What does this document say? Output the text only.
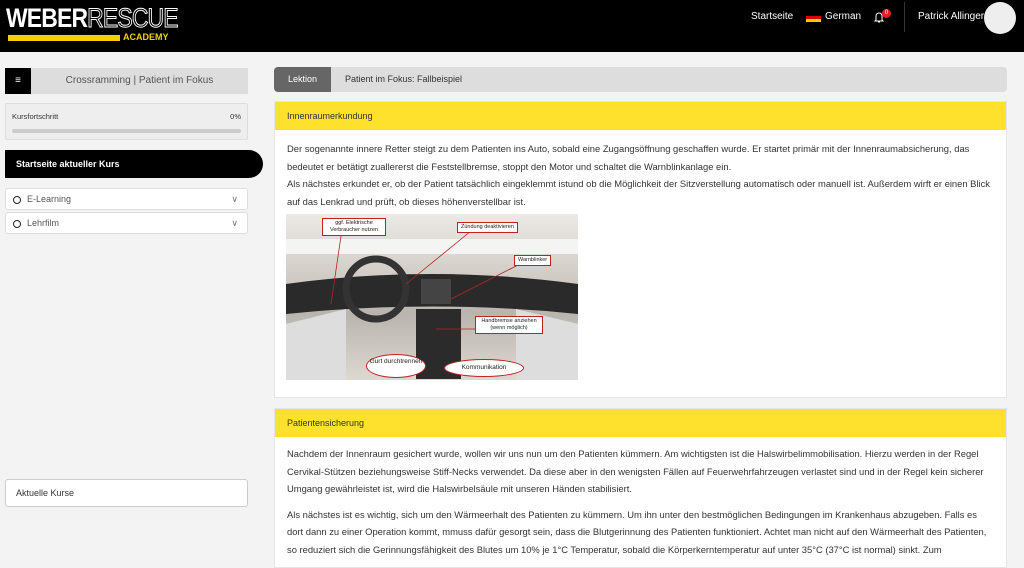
WEBERRESCUE
ACADEMY
Startseite	German	0	Patrick Allinger
≡	Crossramming | Patient im Fokus
Kursfortschritt	0%
Startseite aktueller Kurs
E-Learning	∨
Lehrfilm	∨
Aktuelle Kurse
Lektion	Patient im Fokus: Fallbeispiel
Innenraumerkundung

Der sogenannte innere Retter steigt zu dem Patienten ins Auto, sobald eine Zugangsöffnung geschaffen wurde. Er startet primär mit der Innenraumabsicherung, das bedeutet er betätigt zuallererst die Feststellbremse, stoppt den Motor und schaltet die Warnblinkanlage ein.

Als nächstes erkundet er, ob der Patient tatsächlich eingeklemmt istund ob die Möglichkeit der Sitzverstellung automatisch oder manuell ist. Außerdem wirft er einen Blick auf das Lenkrad und prüft, ob dieses höhenverstellbar ist.

ggf. Elektrische Verbraucher nutzen	Zündung deaktivieren
Warnblinker
Handbremse anziehen (wenn möglich)
Gurt durchtrennen
Kommunikation
Patientensicherung

Nachdem der Innenraum gesichert wurde, wollen wir uns nun um den Patienten kümmern. Am wichtigsten ist die Halswirbelimmobilisation. Hierzu werden in der Regel Cervikal-Stützen beziehungsweise Stiff-Necks verwendet. Da diese aber in den wenigsten Fällen auf Feuerwehrfahrzeugen verlastet sind und in der Regel kein sicherer Umgang gewährleistet ist, wird die Halswirbelsäule mit unseren Händen stabilisiert.

Als nächstes ist es wichtig, sich um den Wärmeerhalt des Patienten zu kümmern. Um ihn unter den bestmöglichen Bedingungen im Krankenhaus abzugeben. Falls es dort dann zu einer Operation kommt, mmuss dafür gesorgt sein, dass die Blutgerinnung des Patienten funktioniert. Achtet man nicht auf den Wärmeerhalt des Patienten, so reduziert sich die Gerinnungsfähigkeit des Blutes um 10% je 1°C Temperatur, sobald die Körperkerntemperatur auf unter 35°C (37°C ist normal) sinkt. Zum
